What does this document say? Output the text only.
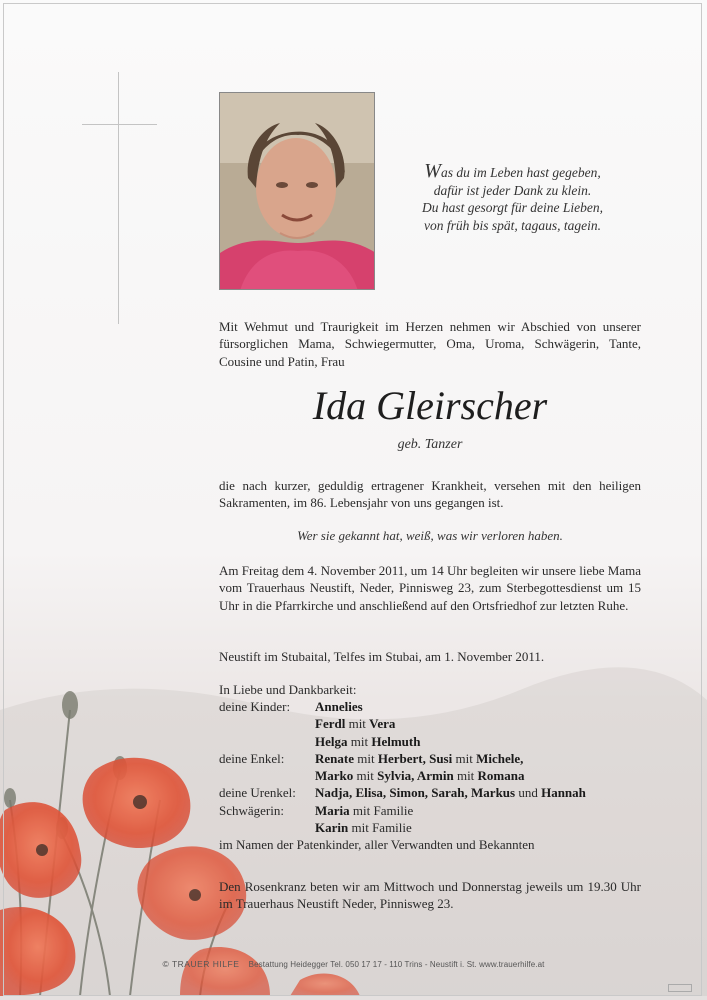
Was du im Leben hast gegeben,
dafür ist jeder Dank zu klein.
Du hast gesorgt für deine Lieben,
von früh bis spät, tagaus, tagein.

Mit Wehmut und Traurigkeit im Herzen nehmen wir Abschied von unserer fürsorglichen Mama, Schwiegermutter, Oma, Uroma, Schwägerin, Tante, Cousine und Patin, Frau

Ida Gleirscher
geb. Tanzer

die nach kurzer, geduldig ertragener Krankheit, versehen mit den heiligen Sakramenten, im 86. Lebensjahr von uns gegangen ist.

Wer sie gekannt hat, weiß, was wir verloren haben.

Am Freitag dem 4. November 2011, um 14 Uhr begleiten wir unsere liebe Mama vom Trauerhaus Neustift, Neder, Pinnisweg 23, zum Sterbegottesdienst um 15 Uhr in die Pfarrkirche und anschließend auf den Ortsfriedhof zur letzten Ruhe.

Neustift im Stubaital, Telfes im Stubai, am 1. November 2011.

In Liebe und Dankbarkeit:

deine Kinder:	Annelies
Ferdl mit Vera
Helga mit Helmuth
deine Enkel:	Renate mit Herbert, Susi mit Michele,
Marko mit Sylvia, Armin mit Romana
deine Urenkel:	Nadja, Elisa, Simon, Sarah, Markus und Hannah
Schwägerin:	Maria mit Familie
Karin mit Familie

im Namen der Patenkinder, aller Verwandten und Bekannten

Den Rosenkranz beten wir am Mittwoch und Donnerstag jeweils um 19.30 Uhr im Trauerhaus Neustift Neder, Pinnisweg 23.

© TRAUER HILFE Bestattung Heidegger Tel. 050 17 17 - 110 Trins - Neustift i. St. www.trauerhilfe.at
